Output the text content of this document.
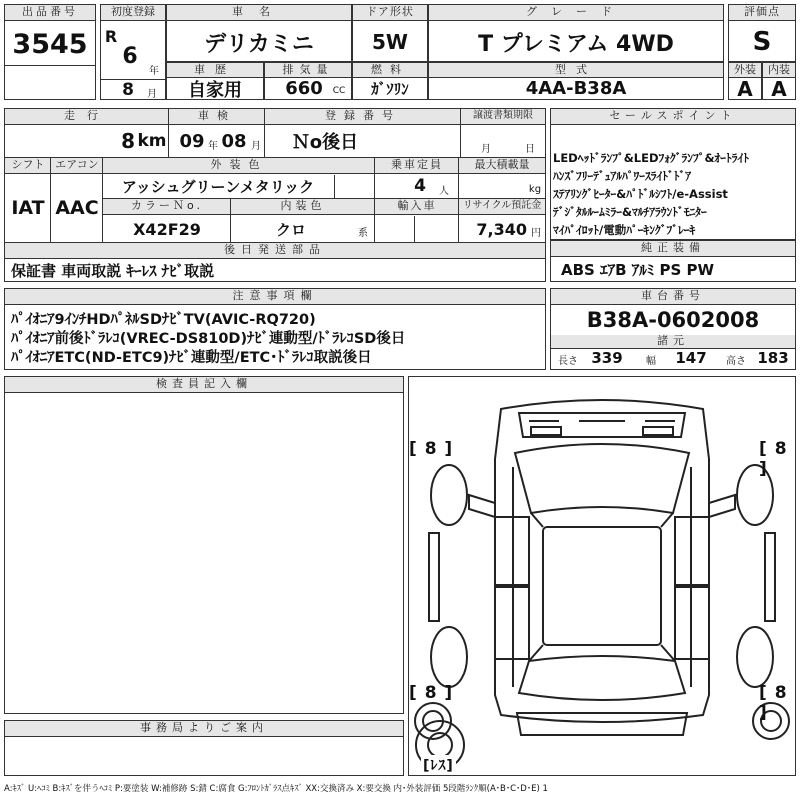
出品番号
3545
初度登録
R
6
年
8	月
車名
デリカミニ
ドア形状
5W
グレード
T プレミアム 4WD
評価点
S
車歴
自家用
排気量
660	CC
燃料
ｶﾞｿﾘﾝ
型式
4AA-B38A
外装
A
内装
A
走行	車検	登録番号	譲渡書類期限
8 km 09 年 08 月	Ｎo後日	月	日
シフト エアコン	外装色	乗車定員	最大積載量
アッシュグリーンメタリック	4	人	kg
IAT AAC	カラーＮo.	内装色	輸入車	リサイクル預託金
X42F29	クロ	系	7,340 円
後日発送部品
保証書 車両取説 ｷｰﾚｽ ﾅﾋﾞ取説
セールスポイント
LEDﾍｯﾄﾞﾗﾝﾌﾟ&LEDﾌｫｸﾞﾗﾝﾌﾟ&ｵｰﾄﾗｲﾄ
ﾊﾝｽﾞﾌﾘｰﾃﾞｭｱﾙﾊﾟﾜｰｽﾗｲﾄﾞﾄﾞｱ
ｽﾃｱﾘﾝｸﾞﾋｰﾀｰ&ﾊﾟﾄﾞﾙｼﾌﾄ/e-Assist
ﾃﾞｼﾞﾀﾙﾙｰﾑﾐﾗｰ&ﾏﾙﾁｱﾗｳﾝﾄﾞﾓﾆﾀｰ
ﾏｲﾊﾟｲﾛｯﾄ/電動ﾊﾟｰｷﾝｸﾞﾌﾞﾚｰｷ
純正装備
ABS ｴｱB ｱﾙﾐ PS PW
注意事項欄
ﾊﾟｲｵﾆｱ9ｲﾝﾁHDﾊﾟﾈﾙSDﾅﾋﾞTV(AVIC-RQ720)
ﾊﾟｲｵﾆｱ前後ﾄﾞﾗﾚｺ(VREC-DS810D)ﾅﾋﾞ連動型/ﾄﾞﾗﾚｺSD後日
ﾊﾟｲｵﾆｱETC(ND-ETC9)ﾅﾋﾞ連動型/ETC･ﾄﾞﾗﾚｺ取説後日
車台番号
B38A-0602008
諸元
長さ 339	幅 147	高さ 183
検査員記入欄
事務局よりご案内
[ 8 ]	[ 8 ]
[ 8 ]	[ 8 ]
[ﾚｽ]
A:ｷｽﾞ U:ﾍｺﾐ B:ｷｽﾞを伴うﾍｺﾐ P:要塗装 W:補修跡 S:錆 C:腐食 G:ﾌﾛﾝﾄｶﾞﾗｽ点ｷｽﾞ XX:交換済み X:要交換 内･外装評価 5段階ﾗﾝｸ順(A･B･C･D･E) 1
